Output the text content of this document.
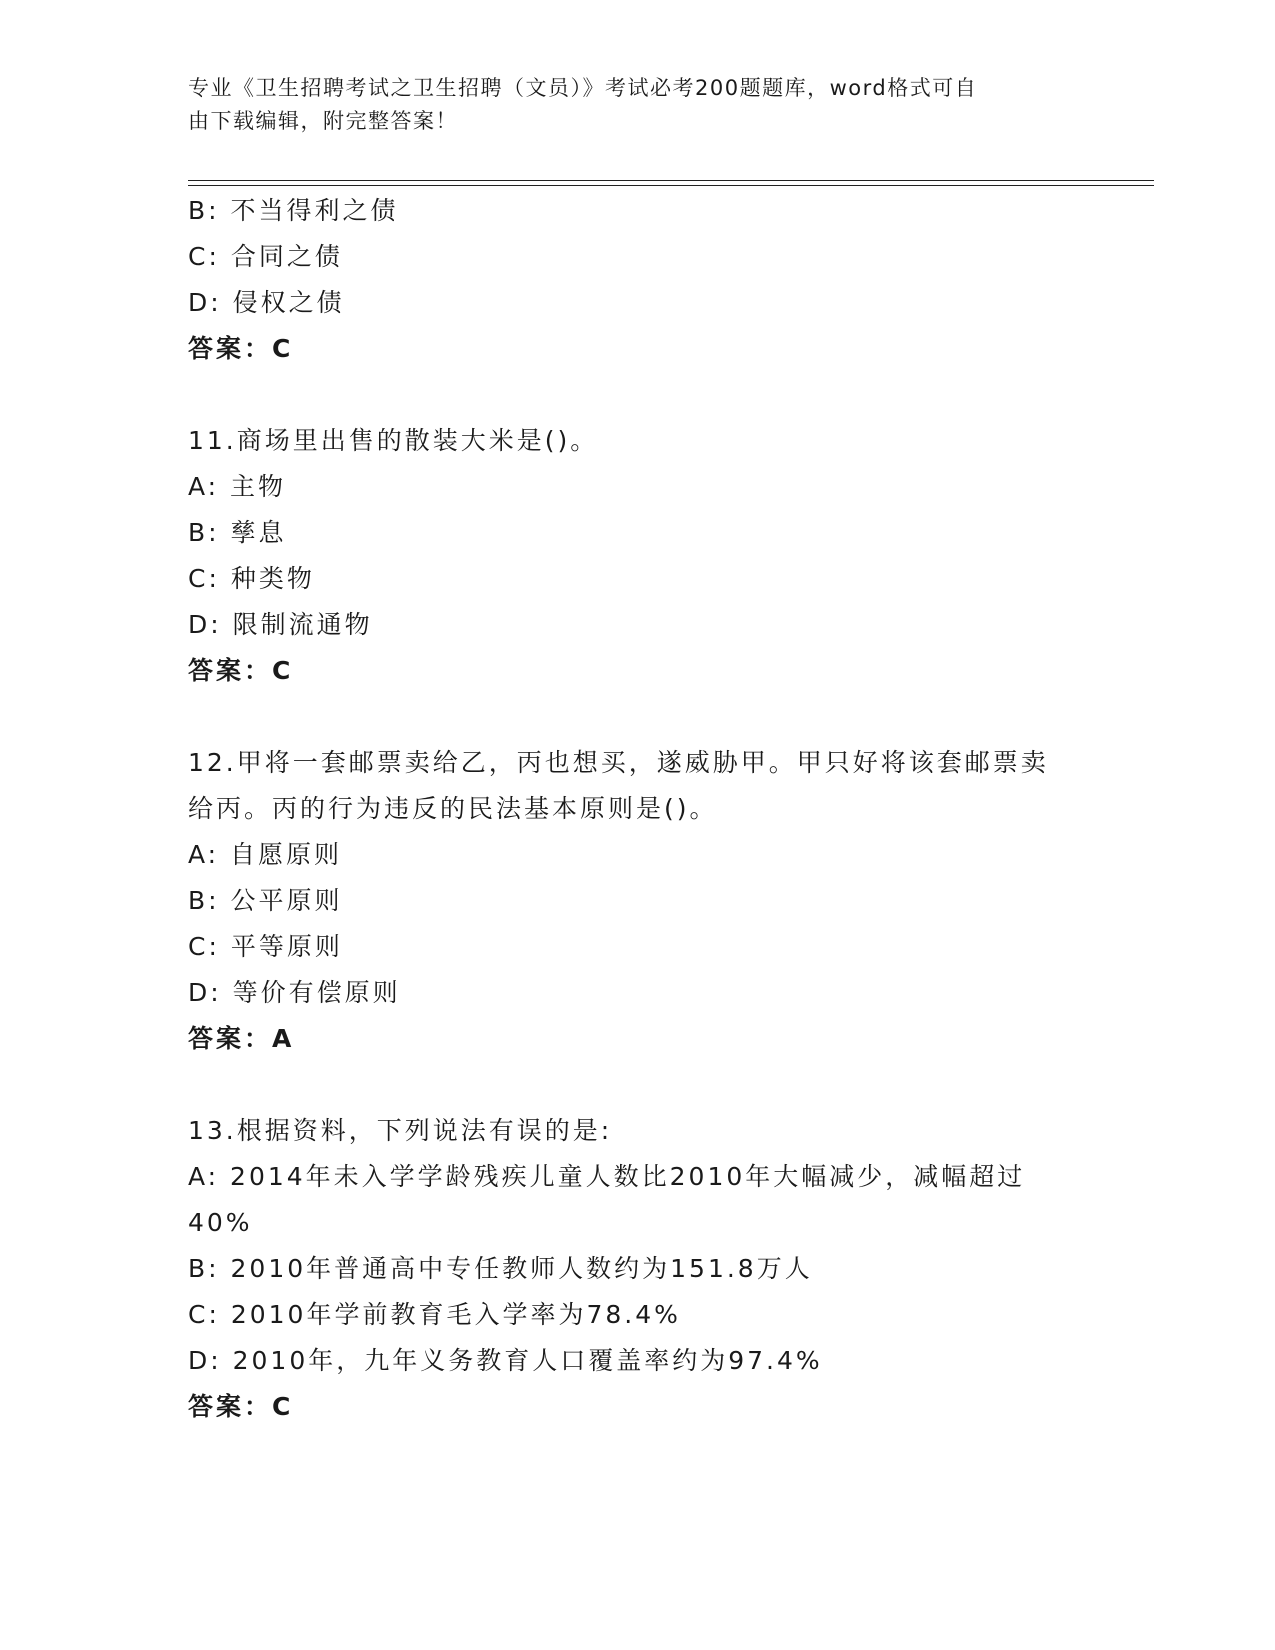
专业《卫生招聘考试之卫生招聘（文员）》考试必考200题题库，word格式可自
由下载编辑，附完整答案！
B: 不当得利之债
C: 合同之债
D: 侵权之债
答案：C
11.商场里出售的散装大米是()。
A: 主物
B: 孳息
C: 种类物
D: 限制流通物
答案：C
12.甲将一套邮票卖给乙，丙也想买，遂威胁甲。甲只好将该套邮票卖
给丙。丙的行为违反的民法基本原则是()。
A: 自愿原则
B: 公平原则
C: 平等原则
D: 等价有偿原则
答案：A
13.根据资料，下列说法有误的是:
A: 2014年未入学学龄残疾儿童人数比2010年大幅减少，减幅超过
40%
B: 2010年普通高中专任教师人数约为151.8万人
C: 2010年学前教育毛入学率为78.4%
D: 2010年，九年义务教育人口覆盖率约为97.4%
答案：C
